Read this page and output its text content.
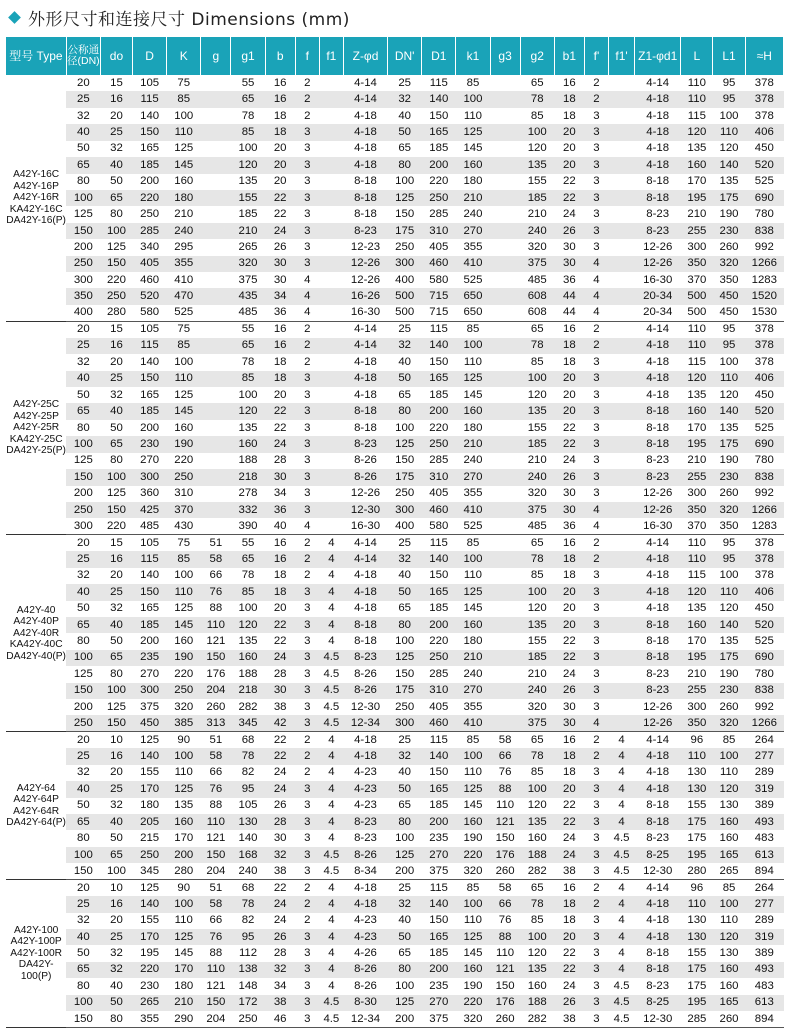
外形尺寸和连接尺寸 Dimensions (mm)
型号 Type	公称通径(DN)	do	D	K	g	g1	b	f	f1	Z-φd	DN'	D1	k1	g3	g2	b1	f'	f1'	Z1-φd1	L	L1	≈H
A42Y-16C
A42Y-16P
A42Y-16R
KA42Y-16C
DA42Y-16(P)	20	15	105	75		55	16	2		4-14	25	115	85		65	16	2		4-14	110	95	378
	25	16	115	85		65	16	2		4-14	32	140	100		78	18	2		4-18	110	95	378
	32	20	140	100		78	18	2		4-18	40	150	110		85	18	3		4-18	115	100	378
	40	25	150	110		85	18	3		4-18	50	165	125		100	20	3		4-18	120	110	406
	50	32	165	125		100	20	3		4-18	65	185	145		120	20	3		4-18	135	120	450
	65	40	185	145		120	20	3		4-18	80	200	160		135	20	3		4-18	160	140	520
	80	50	200	160		135	20	3		8-18	100	220	180		155	22	3		8-18	170	135	525
	100	65	220	180		155	22	3		8-18	125	250	210		185	22	3		8-18	195	175	690
	125	80	250	210		185	22	3		8-18	150	285	240		210	24	3		8-23	210	190	780
	150	100	285	240		210	24	3		8-23	175	310	270		240	26	3		8-23	255	230	838
	200	125	340	295		265	26	3		12-23	250	405	355		320	30	3		12-26	300	260	992
	250	150	405	355		320	30	3		12-26	300	460	410		375	30	4		12-26	350	320	1266
	300	220	460	410		375	30	4		12-26	400	580	525		485	36	4		16-30	370	350	1283
	350	250	520	470		435	34	4		16-26	500	715	650		608	44	4		20-34	500	450	1520
	400	280	580	525		485	36	4		16-30	500	715	650		608	44	4		20-34	500	450	1530
A42Y-25C
A42Y-25P
A42Y-25R
KA42Y-25C
DA42Y-25(P)	20	15	105	75		55	16	2		4-14	25	115	85		65	16	2		4-14	110	95	378
	25	16	115	85		65	16	2		4-14	32	140	100		78	18	2		4-18	110	95	378
	32	20	140	100		78	18	2		4-18	40	150	110		85	18	3		4-18	115	100	378
	40	25	150	110		85	18	3		4-18	50	165	125		100	20	3		4-18	120	110	406
	50	32	165	125		100	20	3		4-18	65	185	145		120	20	3		4-18	135	120	450
	65	40	185	145		120	22	3		8-18	80	200	160		135	20	3		8-18	160	140	520
	80	50	200	160		135	22	3		8-18	100	220	180		155	22	3		8-18	170	135	525
	100	65	230	190		160	24	3		8-23	125	250	210		185	22	3		8-18	195	175	690
	125	80	270	220		188	28	3		8-26	150	285	240		210	24	3		8-23	210	190	780
	150	100	300	250		218	30	3		8-26	175	310	270		240	26	3		8-23	255	230	838
	200	125	360	310		278	34	3		12-26	250	405	355		320	30	3		12-26	300	260	992
	250	150	425	370		332	36	3		12-30	300	460	410		375	30	4		12-26	350	320	1266
	300	220	485	430		390	40	4		16-30	400	580	525		485	36	4		16-30	370	350	1283
A42Y-40
A42Y-40P
A42Y-40R
KA42Y-40C
DA42Y-40(P)	20	15	105	75	51	55	16	2	4	4-14	25	115	85		65	16	2		4-14	110	95	378
	25	16	115	85	58	65	16	2	4	4-14	32	140	100		78	18	2		4-18	110	95	378
	32	20	140	100	66	78	18	2	4	4-18	40	150	110		85	18	3		4-18	115	100	378
	40	25	150	110	76	85	18	3	4	4-18	50	165	125		100	20	3		4-18	120	110	406
	50	32	165	125	88	100	20	3	4	4-18	65	185	145		120	20	3		4-18	135	120	450
	65	40	185	145	110	120	22	3	4	8-18	80	200	160		135	20	3		8-18	160	140	520
	80	50	200	160	121	135	22	3	4	8-18	100	220	180		155	22	3		8-18	170	135	525
	100	65	235	190	150	160	24	3	4.5	8-23	125	250	210		185	22	3		8-18	195	175	690
	125	80	270	220	176	188	28	3	4.5	8-26	150	285	240		210	24	3		8-23	210	190	780
	150	100	300	250	204	218	30	3	4.5	8-26	175	310	270		240	26	3		8-23	255	230	838
	200	125	375	320	260	282	38	3	4.5	12-30	250	405	355		320	30	3		12-26	300	260	992
	250	150	450	385	313	345	42	3	4.5	12-34	300	460	410		375	30	4		12-26	350	320	1266
A42Y-64
A42Y-64P
A42Y-64R
DA42Y-64(P)	20	10	125	90	51	68	22	2	4	4-18	25	115	85	58	65	16	2	4	4-14	96	85	264
	25	16	140	100	58	78	22	2	4	4-18	32	140	100	66	78	18	2	4	4-18	110	100	277
	32	20	155	110	66	82	24	2	4	4-23	40	150	110	76	85	18	3	4	4-18	130	110	289
	40	25	170	125	76	95	24	3	4	4-23	50	165	125	88	100	20	3	4	4-18	130	120	319
	50	32	180	135	88	105	26	3	4	4-23	65	185	145	110	120	22	3	4	8-18	155	130	389
	65	40	205	160	110	130	28	3	4	8-23	80	200	160	121	135	22	3	4	8-18	175	160	493
	80	50	215	170	121	140	30	3	4	8-23	100	235	190	150	160	24	3	4.5	8-23	175	160	483
	100	65	250	200	150	168	32	3	4.5	8-26	125	270	220	176	188	24	3	4.5	8-25	195	165	613
	150	100	345	280	204	240	38	3	4.5	8-34	200	375	320	260	282	38	3	4.5	12-30	280	265	894
A42Y-100
A42Y-100P
A42Y-100R
DA42Y-100(P)	20	10	125	90	51	68	22	2	4	4-18	25	115	85	58	65	16	2	4	4-14	96	85	264
	25	16	140	100	58	78	24	2	4	4-18	32	140	100	66	78	18	2	4	4-18	110	100	277
	32	20	155	110	66	82	24	2	4	4-23	40	150	110	76	85	18	3	4	4-18	130	110	289
	40	25	170	125	76	95	26	3	4	4-23	50	165	125	88	100	20	3	4	4-18	130	120	319
	50	32	195	145	88	112	28	3	4	4-26	65	185	145	110	120	22	3	4	8-18	155	130	389
	65	32	220	170	110	138	32	3	4	8-26	80	200	160	121	135	22	3	4	8-18	175	160	493
	80	40	230	180	121	148	34	3	4	8-26	100	235	190	150	160	24	3	4.5	8-23	175	160	483
	100	50	265	210	150	172	38	3	4.5	8-30	125	270	220	176	188	26	3	4.5	8-25	195	165	613
	150	80	355	290	204	250	46	3	4.5	12-34	200	375	320	260	282	38	3	4.5	12-30	285	260	894
